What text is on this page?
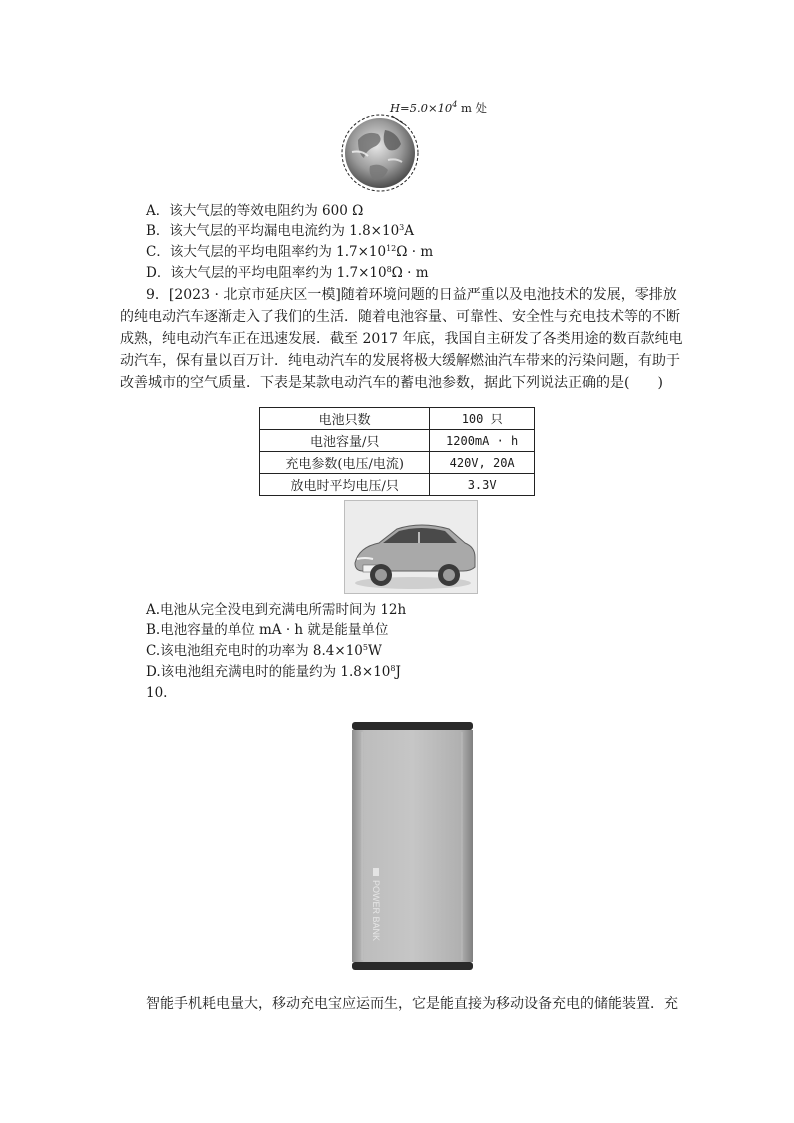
$H=5.0\times 10^4$ m 处
A．该大气层的等效电阻约为 600 Ω
B．该大气层的平均漏电电流约为 $1.8\times 10^3A$
C．该大气层的平均电阻率约为 $1.7\times 10^{12}\Omega \cdot m$
D．该大气层的平均电阻率约为 $1.7\times 10^8\Omega \cdot m$
9．[2023 · 北京市延庆区一模]随着环境问题的日益严重以及电池技术的发展，零排放
的纯电动汽车逐渐走入了我们的生活．随着电池容量、可靠性、安全性与充电技术等的不断
成熟，纯电动汽车正在迅速发展．截至 2017 年底，我国自主研发了各类用途的数百款纯电
动汽车，保有量以百万计．纯电动汽车的发展将极大缓解燃油汽车带来的污染问题，有助于
改善城市的空气质量．下表是某款电动汽车的蓄电池参数，据此下列说法正确的是(　　)
电池只数	100 只
电池容量/只	1200mA · h
充电参数(电压/电流)	420V, 20A
放电时平均电压/只	3.3V
A.电池从完全没电到充满电所需时间为 12h
B.电池容量的单位 mA · h 就是能量单位
C.该电池组充电时的功率为 $8.4\times 10^5W$
D.该电池组充满电时的能量约为 $1.8\times 10^8J$
10.
POWER BANK
智能手机耗电量大，移动充电宝应运而生，它是能直接为移动设备充电的储能装置．充
